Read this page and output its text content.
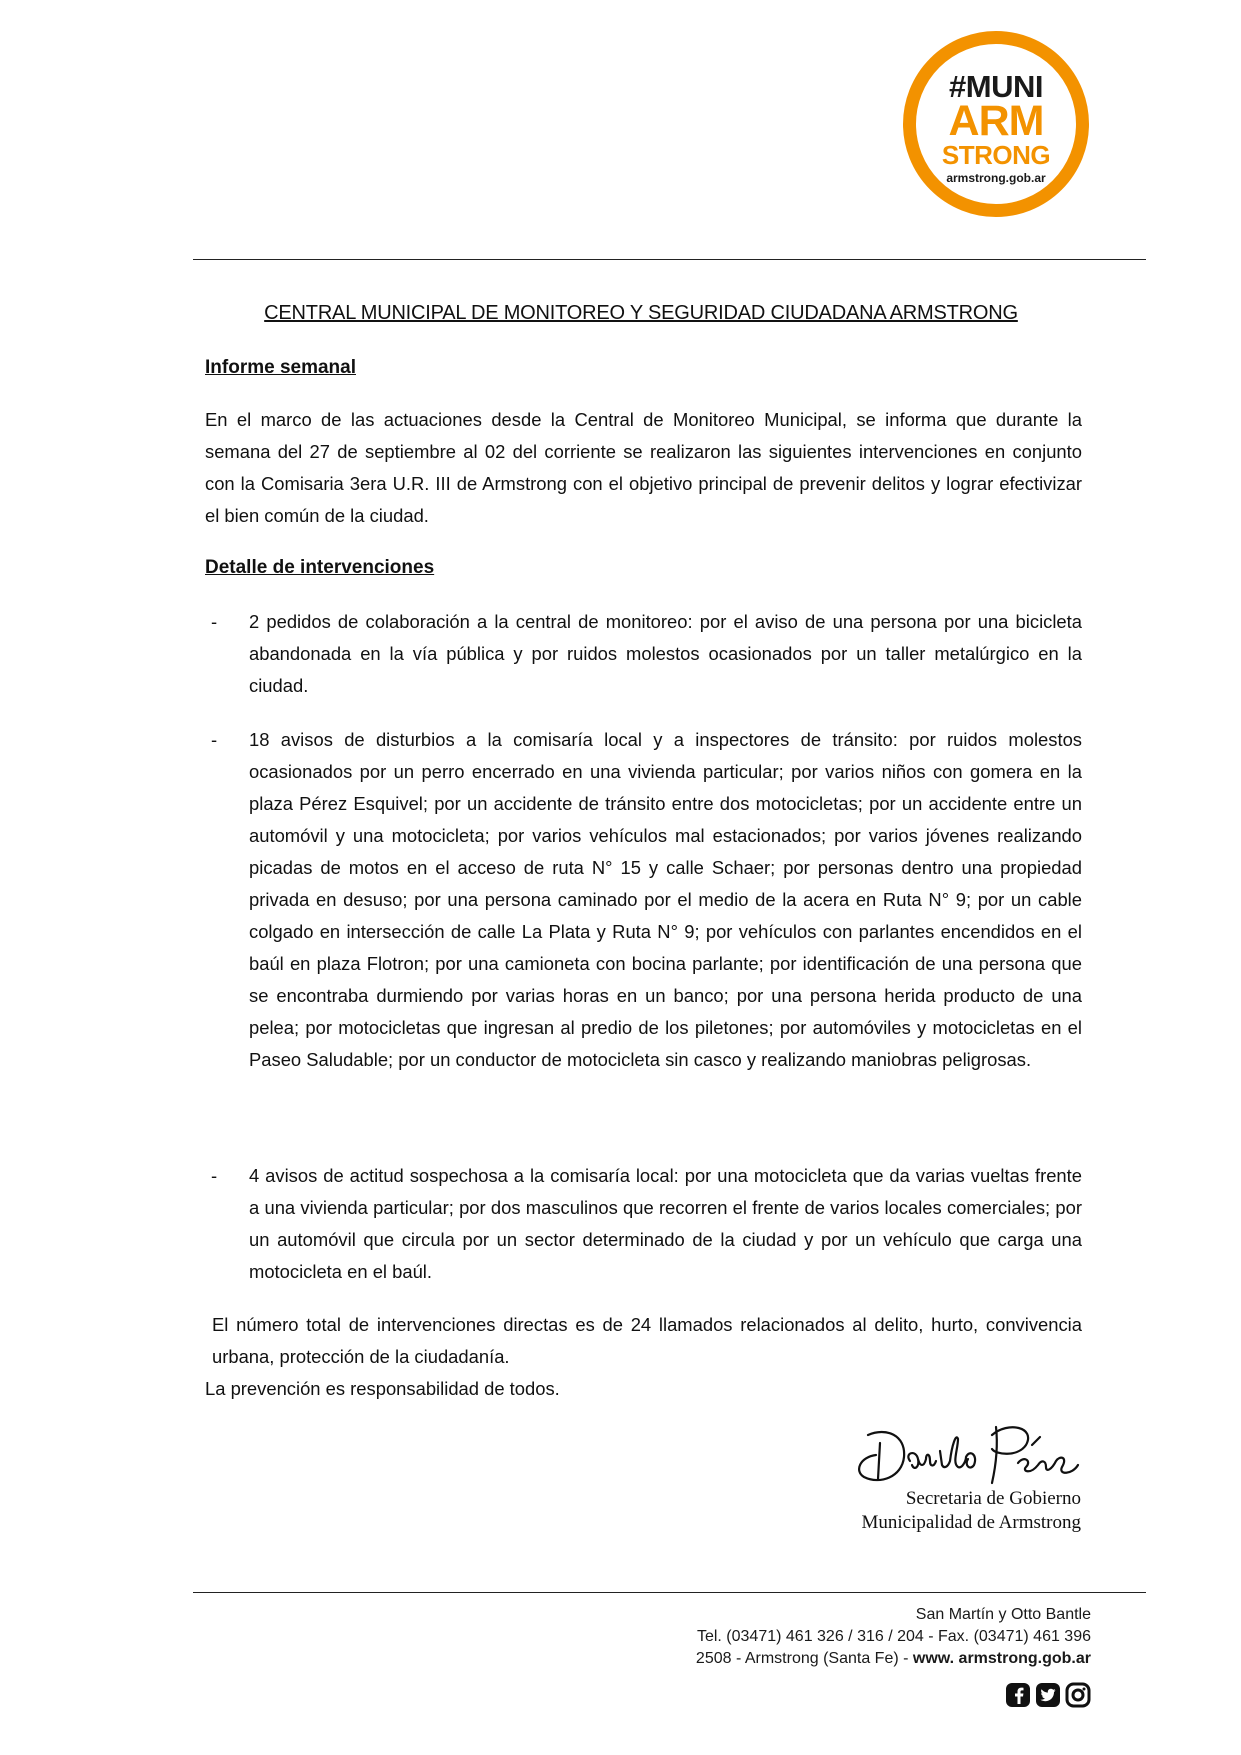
#MUNI
ARM
STRONG
armstrong.gob.ar
CENTRAL MUNICIPAL DE MONITOREO Y SEGURIDAD CIUDADANA ARMSTRONG
Informe semanal

En el marco de las actuaciones desde la Central de Monitoreo Municipal, se informa que durante la semana del 27 de septiembre al 02 del corriente se realizaron las siguientes intervenciones en conjunto con la Comisaria 3era U.R. III de Armstrong con el objetivo principal de prevenir delitos y lograr efectivizar el bien común de la ciudad.

Detalle de intervenciones
- 2 pedidos de colaboración a la central de monitoreo: por el aviso de una persona por una bicicleta abandonada en la vía pública y por ruidos molestos ocasionados por un taller metalúrgico en la ciudad.

- 18 avisos de disturbios a la comisaría local y a inspectores de tránsito: por ruidos molestos ocasionados por un perro encerrado en una vivienda particular; por varios niños con gomera en la plaza Pérez Esquivel; por un accidente de tránsito entre dos motocicletas; por un accidente entre un automóvil y una motocicleta; por varios vehículos mal estacionados; por varios jóvenes realizando picadas de motos en el acceso de ruta N° 15 y calle Schaer; por personas dentro una propiedad privada en desuso; por una persona caminado por el medio de la acera en Ruta N° 9; por un cable colgado en intersección de calle La Plata y Ruta N° 9; por vehículos con parlantes encendidos en el baúl en plaza Flotron; por una camioneta con bocina parlante; por identificación de una persona que se encontraba durmiendo por varias horas en un banco; por una persona herida producto de una pelea; por motocicletas que ingresan al predio de los piletones; por automóviles y motocicletas en el Paseo Saludable; por un conductor de motocicleta sin casco y realizando maniobras peligrosas.

- 4 avisos de actitud sospechosa a la comisaría local: por una motocicleta que da varias vueltas frente a una vivienda particular; por dos masculinos que recorren el frente de varios locales comerciales; por un automóvil que circula por un sector determinado de la ciudad y por un vehículo que carga una motocicleta en el baúl.

El número total de intervenciones directas es de 24 llamados relacionados al delito, hurto, convivencia urbana, protección de la ciudadanía.

La prevención es responsabilidad de todos.

Secretaria de Gobierno
Municipalidad de Armstrong
San Martín y Otto Bantle
Tel. (03471) 461 326 / 316 / 204 - Fax. (03471) 461 396
2508 - Armstrong (Santa Fe) - www. armstrong.gob.ar
